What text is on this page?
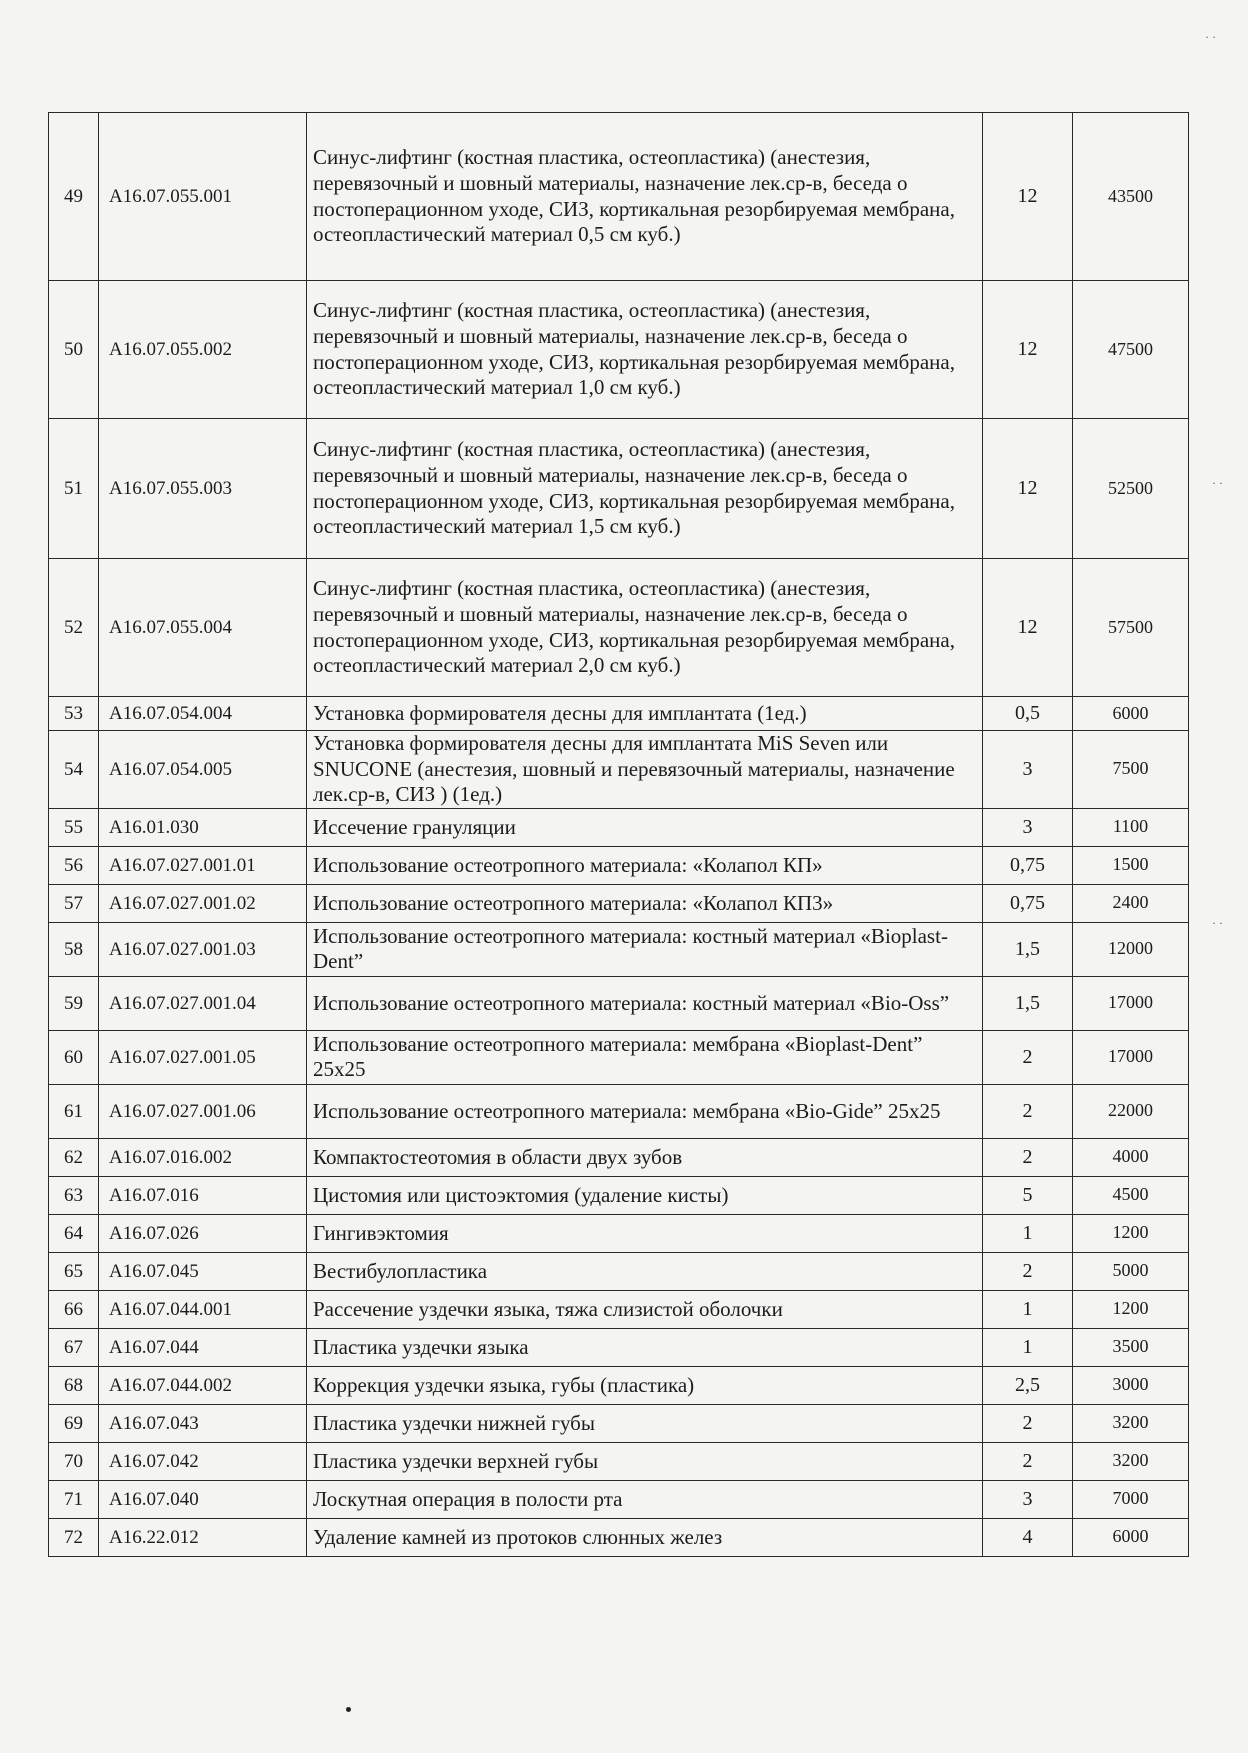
49	A16.07.055.001	Синус-лифтинг (костная пластика, остеопластика) (анестезия, перевязочный и шовный материалы, назначение лек.ср-в, беседа о постоперационном уходе, СИЗ, кортикальная резорбируемая мембрана, остеопластический материал 0,5 см куб.)	12	43500
50	A16.07.055.002	Синус-лифтинг (костная пластика, остеопластика) (анестезия, перевязочный и шовный материалы, назначение лек.ср-в, беседа о постоперационном уходе, СИЗ, кортикальная резорбируемая мембрана, остеопластический материал 1,0 см куб.)	12	47500
51	A16.07.055.003	Синус-лифтинг (костная пластика, остеопластика) (анестезия, перевязочный и шовный материалы, назначение лек.ср-в, беседа о постоперационном уходе, СИЗ, кортикальная резорбируемая мембрана, остеопластический материал 1,5 см куб.)	12	52500
52	A16.07.055.004	Синус-лифтинг (костная пластика, остеопластика) (анестезия, перевязочный и шовный материалы, назначение лек.ср-в, беседа о постоперационном уходе, СИЗ, кортикальная резорбируемая мембрана, остеопластический материал 2,0 см куб.)	12	57500
53	A16.07.054.004	Установка формирователя десны для имплантата (1ед.)	0,5	6000
54	A16.07.054.005	Установка формирователя десны для имплантата MiS Seven или SNUCONE (анестезия, шовный и перевязочный материалы, назначение лек.ср-в, СИЗ ) (1ед.)	3	7500
55	A16.01.030	Иссечение грануляции	3	1100
56	A16.07.027.001.01	Использование остеотропного материала: «Колапол КП»	0,75	1500
57	A16.07.027.001.02	Использование остеотропного материала: «Колапол КП3»	0,75	2400
58	A16.07.027.001.03	Использование остеотропного материала: костный материал «Bioplast-Dent”	1,5	12000
59	A16.07.027.001.04	Использование остеотропного материала: костный материал «Bio-Oss”	1,5	17000
60	A16.07.027.001.05	Использование остеотропного материала: мембрана «Bioplast-Dent” 25x25	2	17000
61	A16.07.027.001.06	Использование остеотропного материала: мембрана «Bio-Gide” 25x25	2	22000
62	A16.07.016.002	Компактостеотомия в области двух зубов	2	4000
63	A16.07.016	Цистомия или цистоэктомия (удаление кисты)	5	4500
64	A16.07.026	Гингивэктомия	1	1200
65	A16.07.045	Вестибулопластика	2	5000
66	A16.07.044.001	Рассечение уздечки языка, тяжа слизистой оболочки	1	1200
67	A16.07.044	Пластика уздечки языка	1	3500
68	A16.07.044.002	Коррекция уздечки языка, губы (пластика)	2,5	3000
69	A16.07.043	Пластика уздечки нижней губы	2	3200
70	A16.07.042	Пластика уздечки верхней губы	2	3200
71	A16.07.040	Лоскутная операция в полости рта	3	7000
72	A16.22.012	Удаление камней из протоков слюнных желез	4	6000
· ·
· ·
· ·
